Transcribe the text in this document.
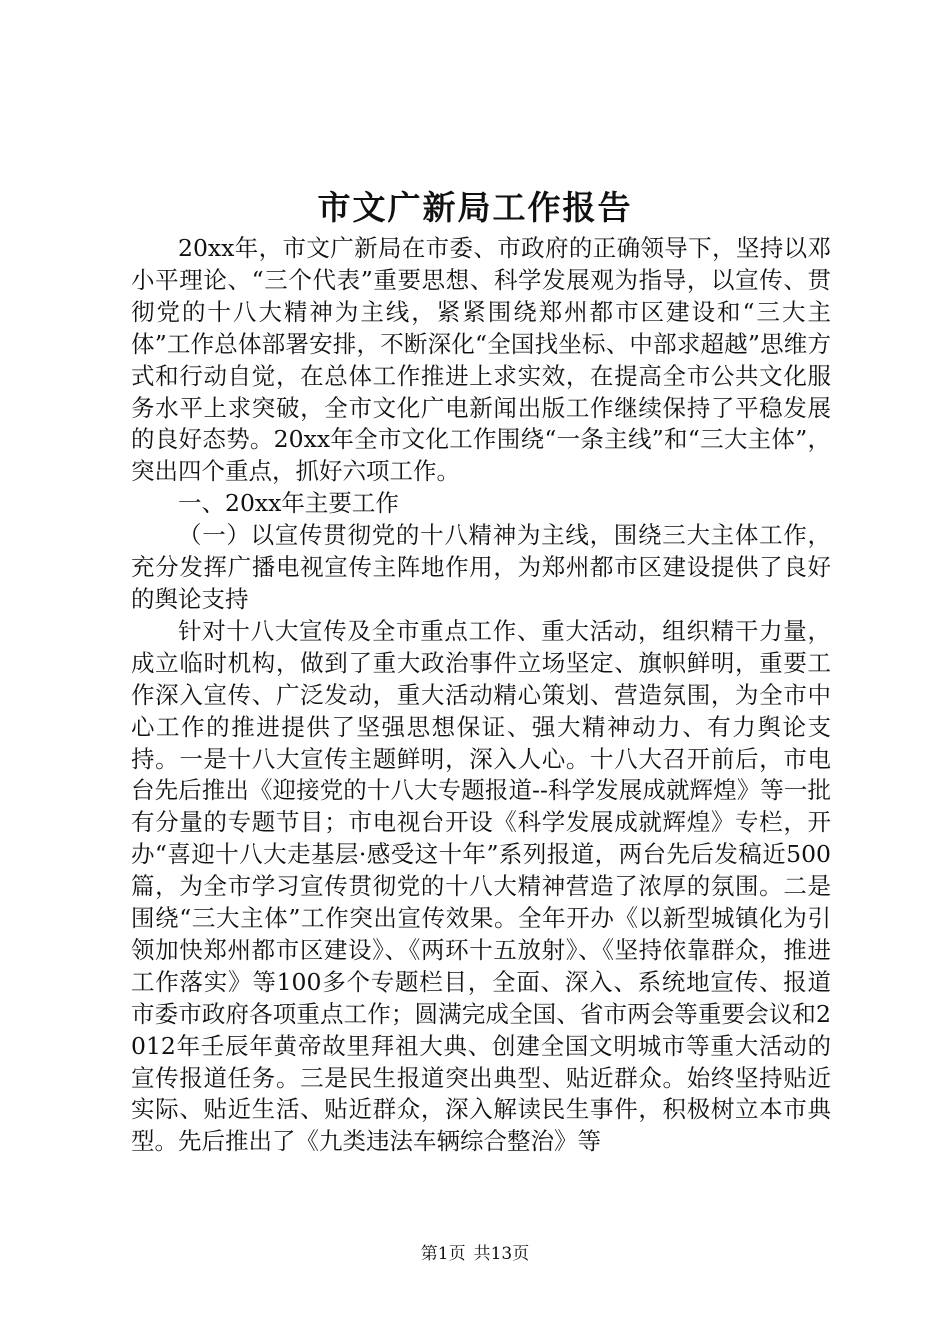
市文广新局工作报告

20xx年，市文广新局在市委、市政府的正确领导下，坚持以邓小平理论、“三个代表”重要思想、科学发展观为指导，以宣传、贯彻党的十八大精神为主线，紧紧围绕郑州都市区建设和“三大主体”工作总体部署安排，不断深化“全国找坐标、中部求超越”思维方式和行动自觉，在总体工作推进上求实效，在提高全市公共文化服务水平上求突破，全市文化广电新闻出版工作继续保持了平稳发展的良好态势。20xx年全市文化工作围绕“一条主线”和“三大主体”，突出四个重点，抓好六项工作。

一、20xx年主要工作

（一）以宣传贯彻党的十八精神为主线，围绕三大主体工作，充分发挥广播电视宣传主阵地作用，为郑州都市区建设提供了良好的舆论支持

针对十八大宣传及全市重点工作、重大活动，组织精干力量，成立临时机构，做到了重大政治事件立场坚定、旗帜鲜明，重要工作深入宣传、广泛发动，重大活动精心策划、营造氛围，为全市中心工作的推进提供了坚强思想保证、强大精神动力、有力舆论支持。一是十八大宣传主题鲜明，深入人心。十八大召开前后，市电台先后推出《迎接党的十八大专题报道--科学发展成就辉煌》等一批有分量的专题节目；市电视台开设《科学发展成就辉煌》专栏，开办“喜迎十八大走基层·感受这十年”系列报道，两台先后发稿近500篇，为全市学习宣传贯彻党的十八大精神营造了浓厚的氛围。二是围绕“三大主体”工作突出宣传效果。全年开办《以新型城镇化为引领加快郑州都市区建设》、《两环十五放射》、《坚持依靠群众，推进工作落实》等100多个专题栏目，全面、深入、系统地宣传、报道市委市政府各项重点工作；圆满完成全国、省市两会等重要会议和2012年壬辰年黄帝故里拜祖大典、创建全国文明城市等重大活动的宣传报道任务。三是民生报道突出典型、贴近群众。始终坚持贴近实际、贴近生活、贴近群众，深入解读民生事件，积极树立本市典型。先后推出了《九类违法车辆综合整治》等

第1页 共13页
